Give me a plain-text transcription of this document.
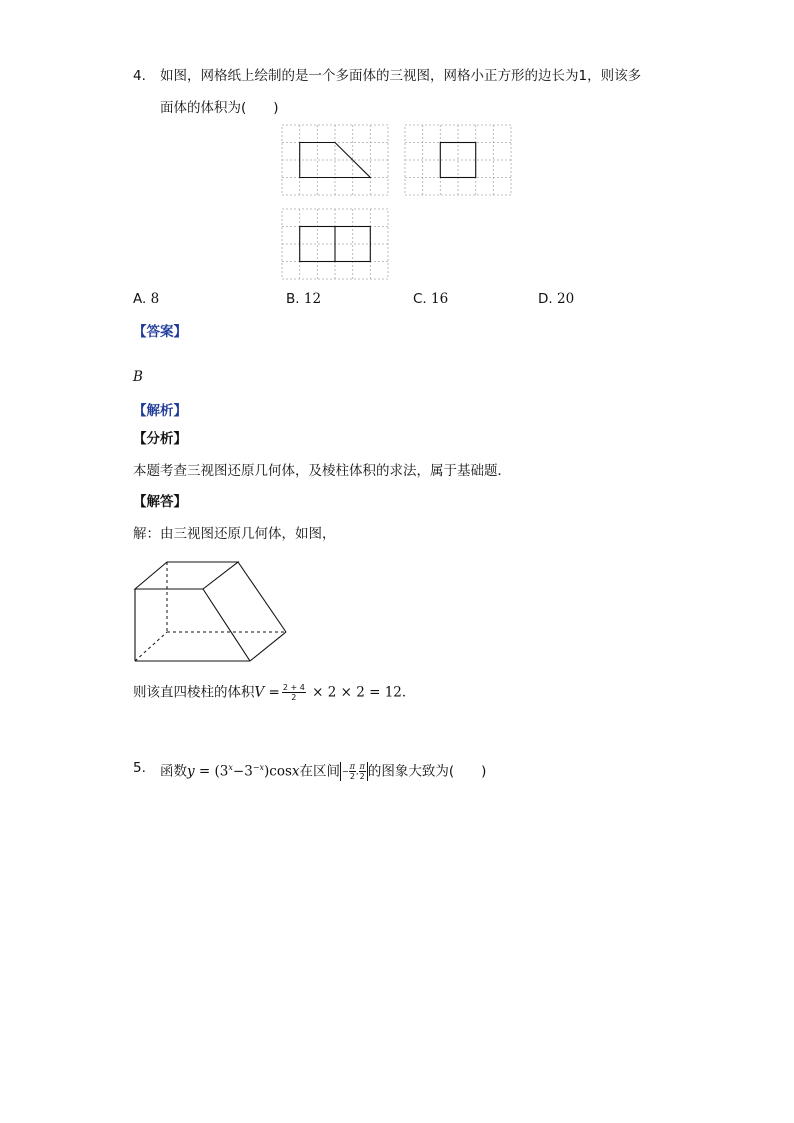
4. 如图，网格纸上绘制的是一个多面体的三视图，网格小正方形的边长为1，则该多
面体的体积为(　　)
A. 8	B. 12	C. 16	D. 20
【答案】
B
【解析】
【分析】
本题考查三视图还原几何体，及棱柱体积的求法，属于基础题．
【解答】
解：由三视图还原几何体，如图，
则该直四棱柱的体积$V = \frac{2 + 4}{2} \times 2 \times 2 = 12$．
5. 函数$y = (3^x-3^{-x})\cos x$在区间 − $\frac{\pi}{2}$ , $\frac{\pi}{2}$ 的图象大致为(　　)
